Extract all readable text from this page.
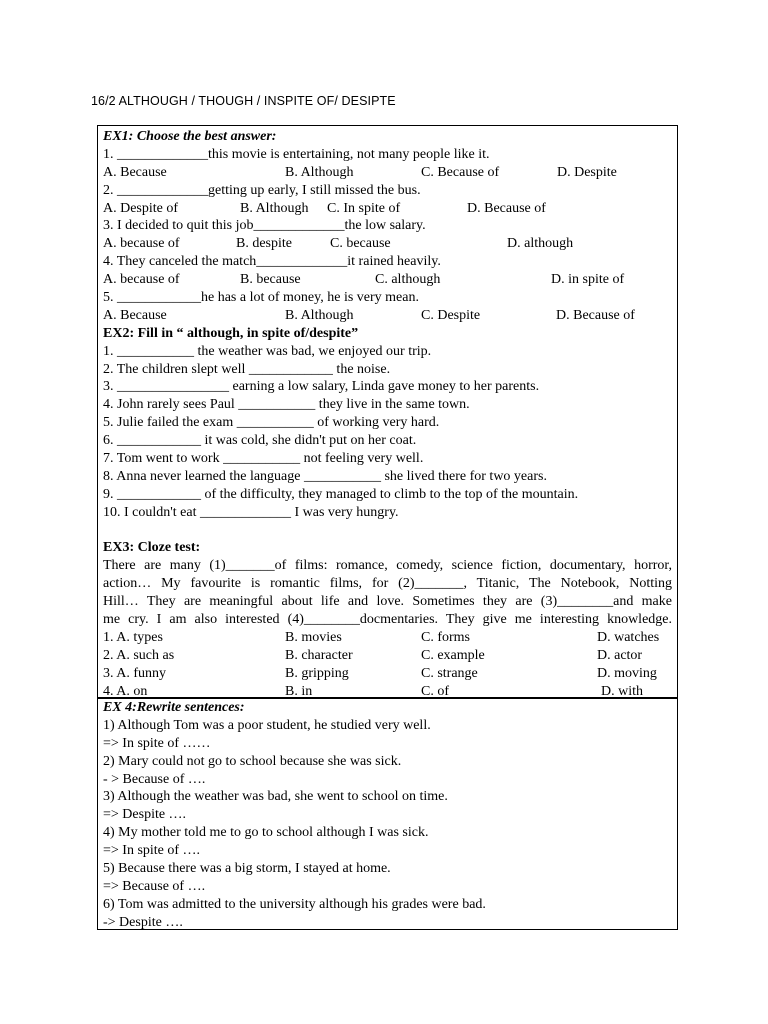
16/2 ALTHOUGH / THOUGH / INSPITE OF/ DESIPTE
EX1: Choose the best answer:
1. _____________this movie is entertaining, not many people like it.
A. Because	B. Although	C. Because of	D. Despite
2. _____________getting up early, I still missed the bus.
A. Despite of	B. Although C. In spite of	D. Because of
3. I decided to quit this job_____________the low salary.
A. because of	B. despite	C. because	D. although
4. They canceled the match_____________it rained heavily.
A. because of	B. because	C. although	D. in spite of
5. ____________he has a lot of money, he is very mean.
A. Because	B. Although	C. Despite	D. Because of
EX2: Fill in “ although, in spite of/despite”
1. ___________ the weather was bad, we enjoyed our trip.
2. The children slept well ____________ the noise.
3. ________________ earning a low salary, Linda gave money to her parents.
4. John rarely sees Paul ___________ they live in the same town.
5. Julie failed the exam ___________ of working very hard.
6. ____________ it was cold, she didn't put on her coat.
7. Tom went to work ___________ not feeling very well.
8. Anna never learned the language ___________ she lived there for two years.
9. ____________ of the difficulty, they managed to climb to the top of the mountain.
10. I couldn't eat _____________ I was very hungry.
EX3: Cloze test:
There are many (1)_______of films: romance, comedy, science fiction, documentary, horror,
action… My favourite is romantic films, for (2)_______, Titanic, The Notebook, Notting
Hill… They are meaningful about life and love. Sometimes they are (3)________and make
me cry. I am also interested (4)________docmentaries. They give me interesting knowledge.
1. A. types	B. movies	C. forms	D. watches
2. A. such as	B. character	C. example	D. actor
3. A. funny	B. gripping	C. strange	D. moving
4. A. on	B. in	C. of	D. with
EX 4:Rewrite sentences:
1) Although Tom was a poor student, he studied very well.
=> In spite of ……
2) Mary could not go to school because she was sick.
- > Because of ….
3) Although the weather was bad, she went to school on time.
=> Despite ….
4) My mother told me to go to school although I was sick.
=> In spite of ….
5) Because there was a big storm, I stayed at home.
=> Because of ….
6) Tom was admitted to the university although his grades were bad.
-> Despite ….
